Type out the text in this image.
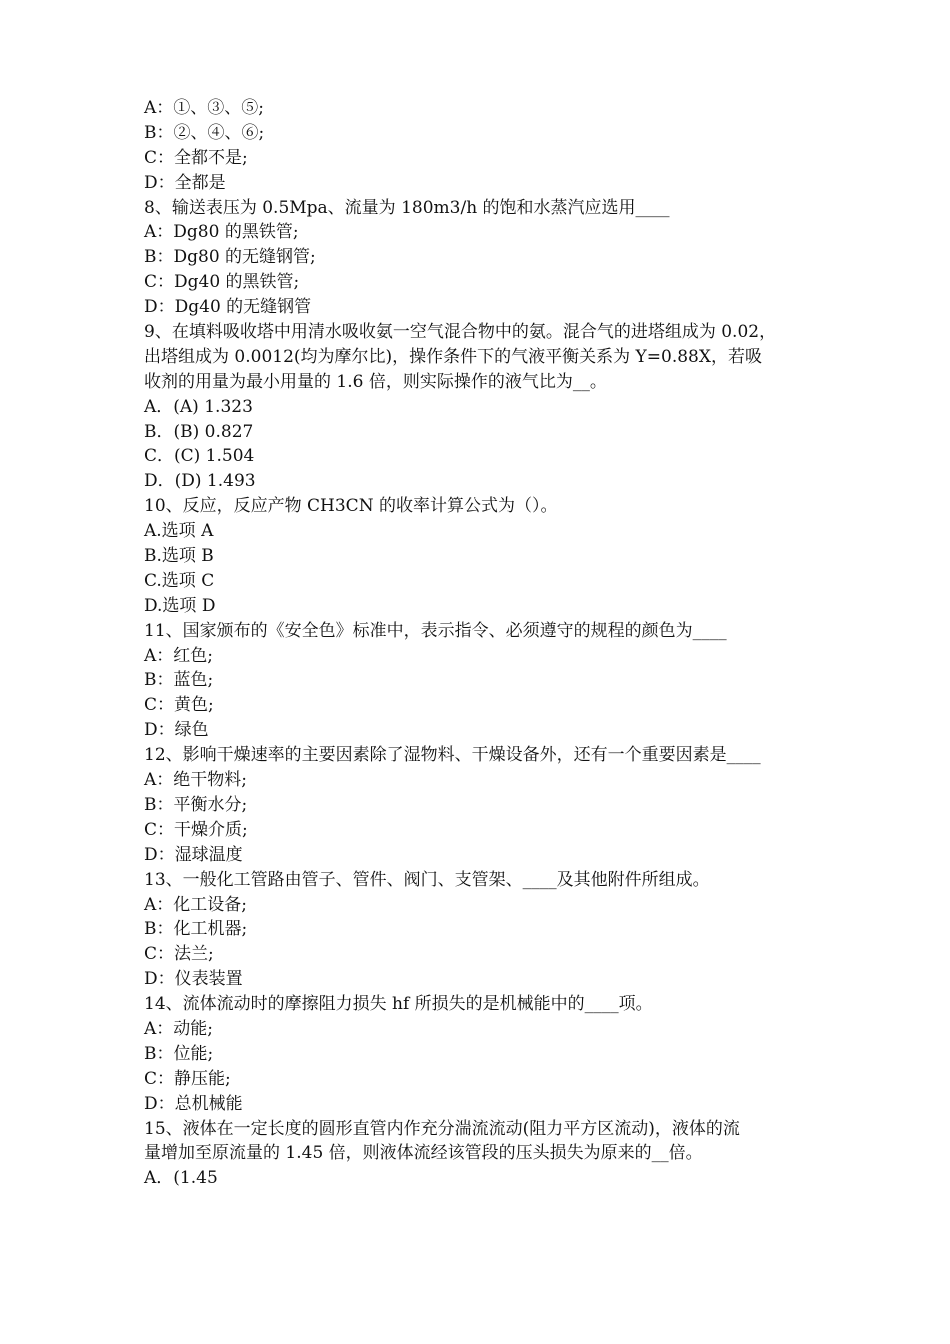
A：①、③、⑤;
B：②、④、⑥;
C：全都不是;
D：全都是
8、输送表压为 0.5Mpa、流量为 180m3/h 的饱和水蒸汽应选用____
A：Dg80 的黑铁管;
B：Dg80 的无缝钢管;
C：Dg40 的黑铁管;
D：Dg40 的无缝钢管
9、在填料吸收塔中用清水吸收氨一空气混合物中的氨。混合气的进塔组成为 0.02，
出塔组成为 0.0012(均为摩尔比)，操作条件下的气液平衡关系为 Y=0.88X，若吸
收剂的用量为最小用量的 1.6 倍，则实际操作的液气比为__。
A．(A) 1.323
B．(B) 0.827
C．(C) 1.504
D．(D) 1.493
10、反应，反应产物 CH3CN 的收率计算公式为（）。
A.选项 A
B.选项 B
C.选项 C
D.选项 D
11、国家颁布的《安全色》标准中，表示指令、必须遵守的规程的颜色为____
A：红色;
B：蓝色;
C：黄色;
D：绿色
12、影响干燥速率的主要因素除了湿物料、干燥设备外，还有一个重要因素是____
A：绝干物料;
B：平衡水分;
C：干燥介质;
D：湿球温度
13、一般化工管路由管子、管件、阀门、支管架、____及其他附件所组成。
A：化工设备;
B：化工机器;
C：法兰;
D：仪表装置
14、流体流动时的摩擦阻力损失 hf 所损失的是机械能中的____项。
A：动能;
B：位能;
C：静压能;
D：总机械能
15、液体在一定长度的圆形直管内作充分湍流流动(阻力平方区流动)，液体的流
量增加至原流量的 1.45 倍，则液体流经该管段的压头损失为原来的__倍。
A．(1.45
